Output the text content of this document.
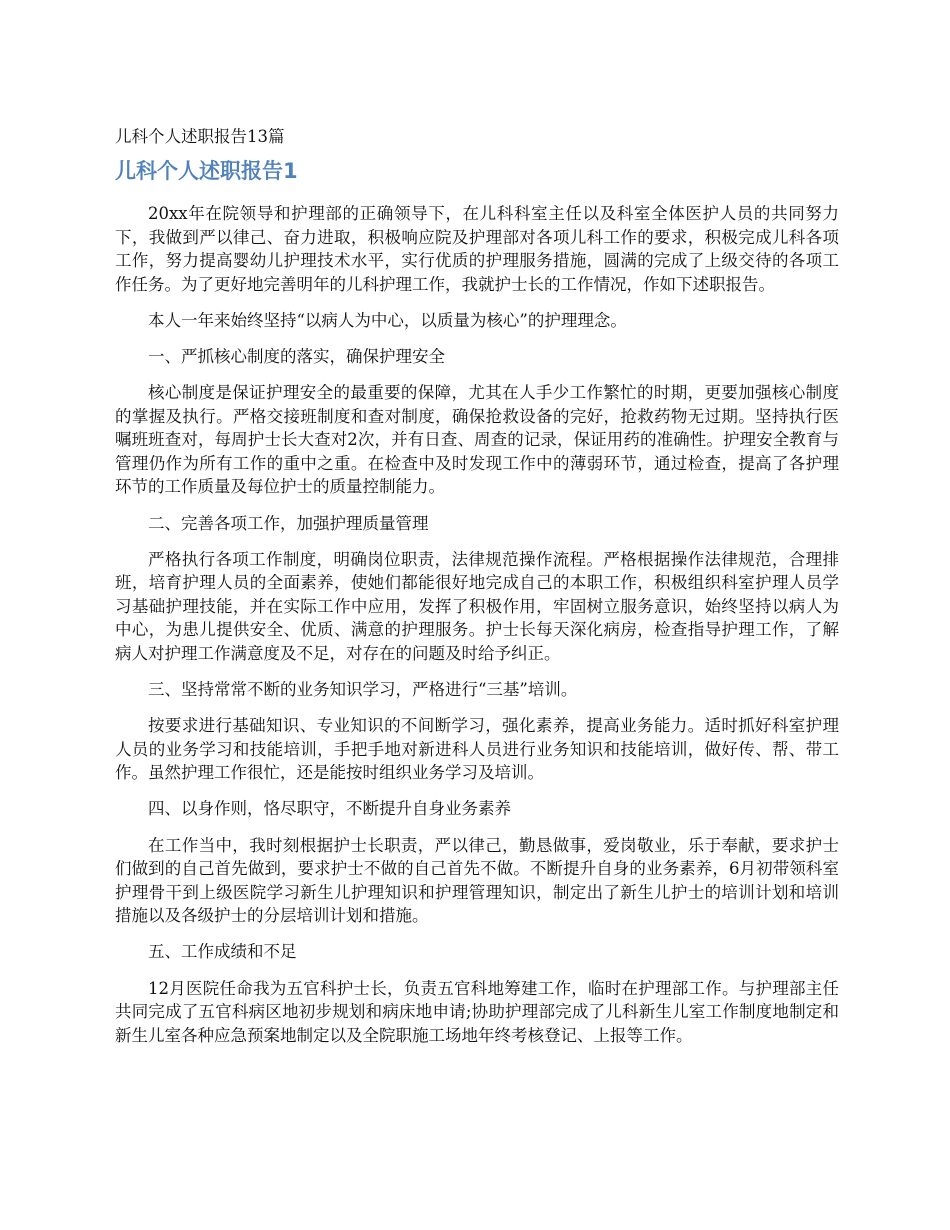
儿科个人述职报告13篇
儿科个人述职报告1

20xx年在院领导和护理部的正确领导下，在儿科科室主任以及科室全体医护人员的共同努力下，我做到严以律己、奋力进取，积极响应院及护理部对各项儿科工作的要求，积极完成儿科各项工作，努力提高婴幼儿护理技术水平，实行优质的护理服务措施，圆满的完成了上级交待的各项工作任务。为了更好地完善明年的儿科护理工作，我就护士长的工作情况，作如下述职报告。

本人一年来始终坚持“以病人为中心，以质量为核心”的护理理念。

一、严抓核心制度的落实，确保护理安全

核心制度是保证护理安全的最重要的保障，尤其在人手少工作繁忙的时期，更要加强核心制度的掌握及执行。严格交接班制度和查对制度，确保抢救设备的完好，抢救药物无过期。坚持执行医嘱班班查对，每周护士长大查对2次，并有日查、周查的记录，保证用药的准确性。护理安全教育与管理仍作为所有工作的重中之重。在检查中及时发现工作中的薄弱环节，通过检查，提高了各护理环节的工作质量及每位护士的质量控制能力。

二、完善各项工作，加强护理质量管理

严格执行各项工作制度，明确岗位职责，法律规范操作流程。严格根据操作法律规范，合理排班，培育护理人员的全面素养，使她们都能很好地完成自己的本职工作，积极组织科室护理人员学习基础护理技能，并在实际工作中应用，发挥了积极作用，牢固树立服务意识，始终坚持以病人为中心，为患儿提供安全、优质、满意的护理服务。护士长每天深化病房，检查指导护理工作，了解病人对护理工作满意度及不足，对存在的问题及时给予纠正。

三、坚持常常不断的业务知识学习，严格进行“三基”培训。

按要求进行基础知识、专业知识的不间断学习，强化素养，提高业务能力。适时抓好科室护理人员的业务学习和技能培训，手把手地对新进科人员进行业务知识和技能培训，做好传、帮、带工作。虽然护理工作很忙，还是能按时组织业务学习及培训。

四、以身作则，恪尽职守，不断提升自身业务素养

在工作当中，我时刻根据护士长职责，严以律己，勤恳做事，爱岗敬业，乐于奉献，要求护士们做到的自己首先做到，要求护士不做的自己首先不做。不断提升自身的业务素养，6月初带领科室护理骨干到上级医院学习新生儿护理知识和护理管理知识，制定出了新生儿护士的培训计划和培训措施以及各级护士的分层培训计划和措施。

五、工作成绩和不足

12月医院任命我为五官科护士长，负责五官科地筹建工作，临时在护理部工作。与护理部主任共同完成了五官科病区地初步规划和病床地申请;协助护理部完成了儿科新生儿室工作制度地制定和新生儿室各种应急预案地制定以及全院职施工场地年终考核登记、上报等工作。
